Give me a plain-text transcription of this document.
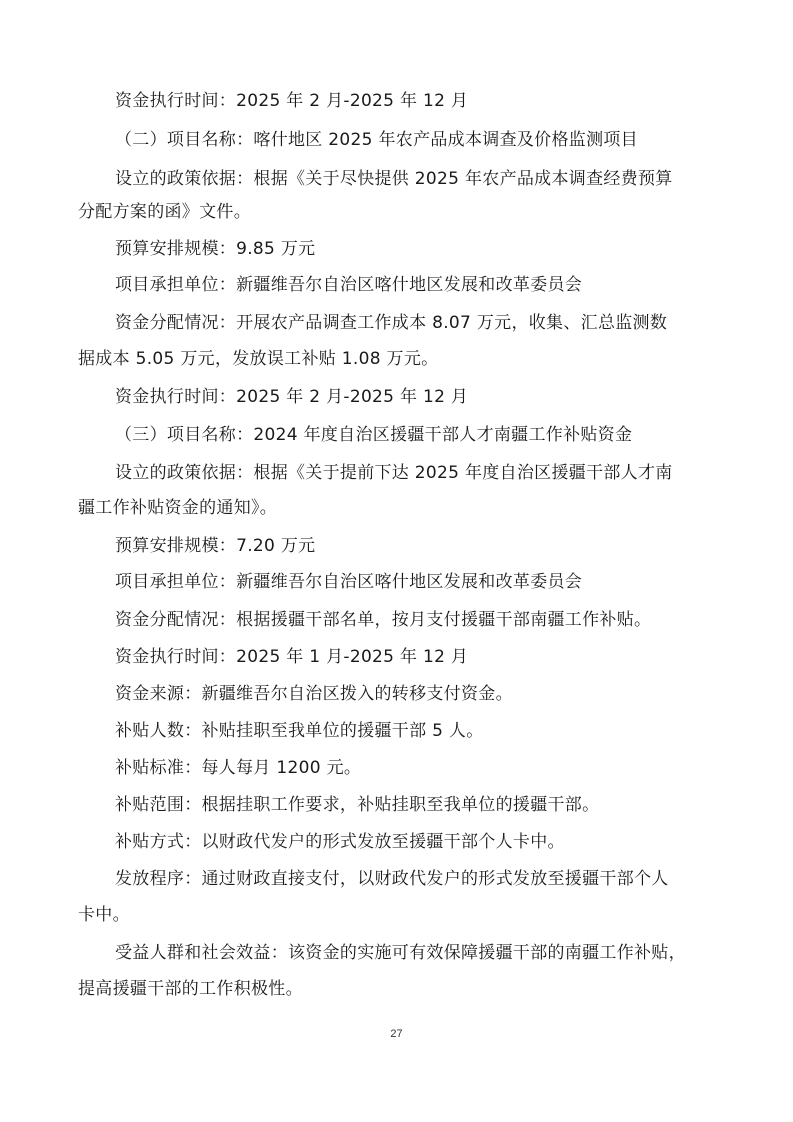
资金执行时间：2025 年 2 月-2025 年 12 月
（二）项目名称：喀什地区 2025 年农产品成本调查及价格监测项目
设立的政策依据：根据《关于尽快提供 2025 年农产品成本调查经费预算
分配方案的函》文件。
预算安排规模：9.85 万元
项目承担单位：新疆维吾尔自治区喀什地区发展和改革委员会
资金分配情况：开展农产品调查工作成本 8.07 万元，收集、汇总监测数
据成本 5.05 万元，发放误工补贴 1.08 万元。
资金执行时间：2025 年 2 月-2025 年 12 月
（三）项目名称：2024 年度自治区援疆干部人才南疆工作补贴资金
设立的政策依据：根据《关于提前下达 2025 年度自治区援疆干部人才南
疆工作补贴资金的通知》。
预算安排规模：7.20 万元
项目承担单位：新疆维吾尔自治区喀什地区发展和改革委员会
资金分配情况：根据援疆干部名单，按月支付援疆干部南疆工作补贴。
资金执行时间：2025 年 1 月-2025 年 12 月
资金来源：新疆维吾尔自治区拨入的转移支付资金。
补贴人数：补贴挂职至我单位的援疆干部 5 人。
补贴标准：每人每月 1200 元。
补贴范围：根据挂职工作要求，补贴挂职至我单位的援疆干部。
补贴方式：以财政代发户的形式发放至援疆干部个人卡中。
发放程序：通过财政直接支付，以财政代发户的形式发放至援疆干部个人
卡中。
受益人群和社会效益：该资金的实施可有效保障援疆干部的南疆工作补贴，
提高援疆干部的工作积极性。
27
